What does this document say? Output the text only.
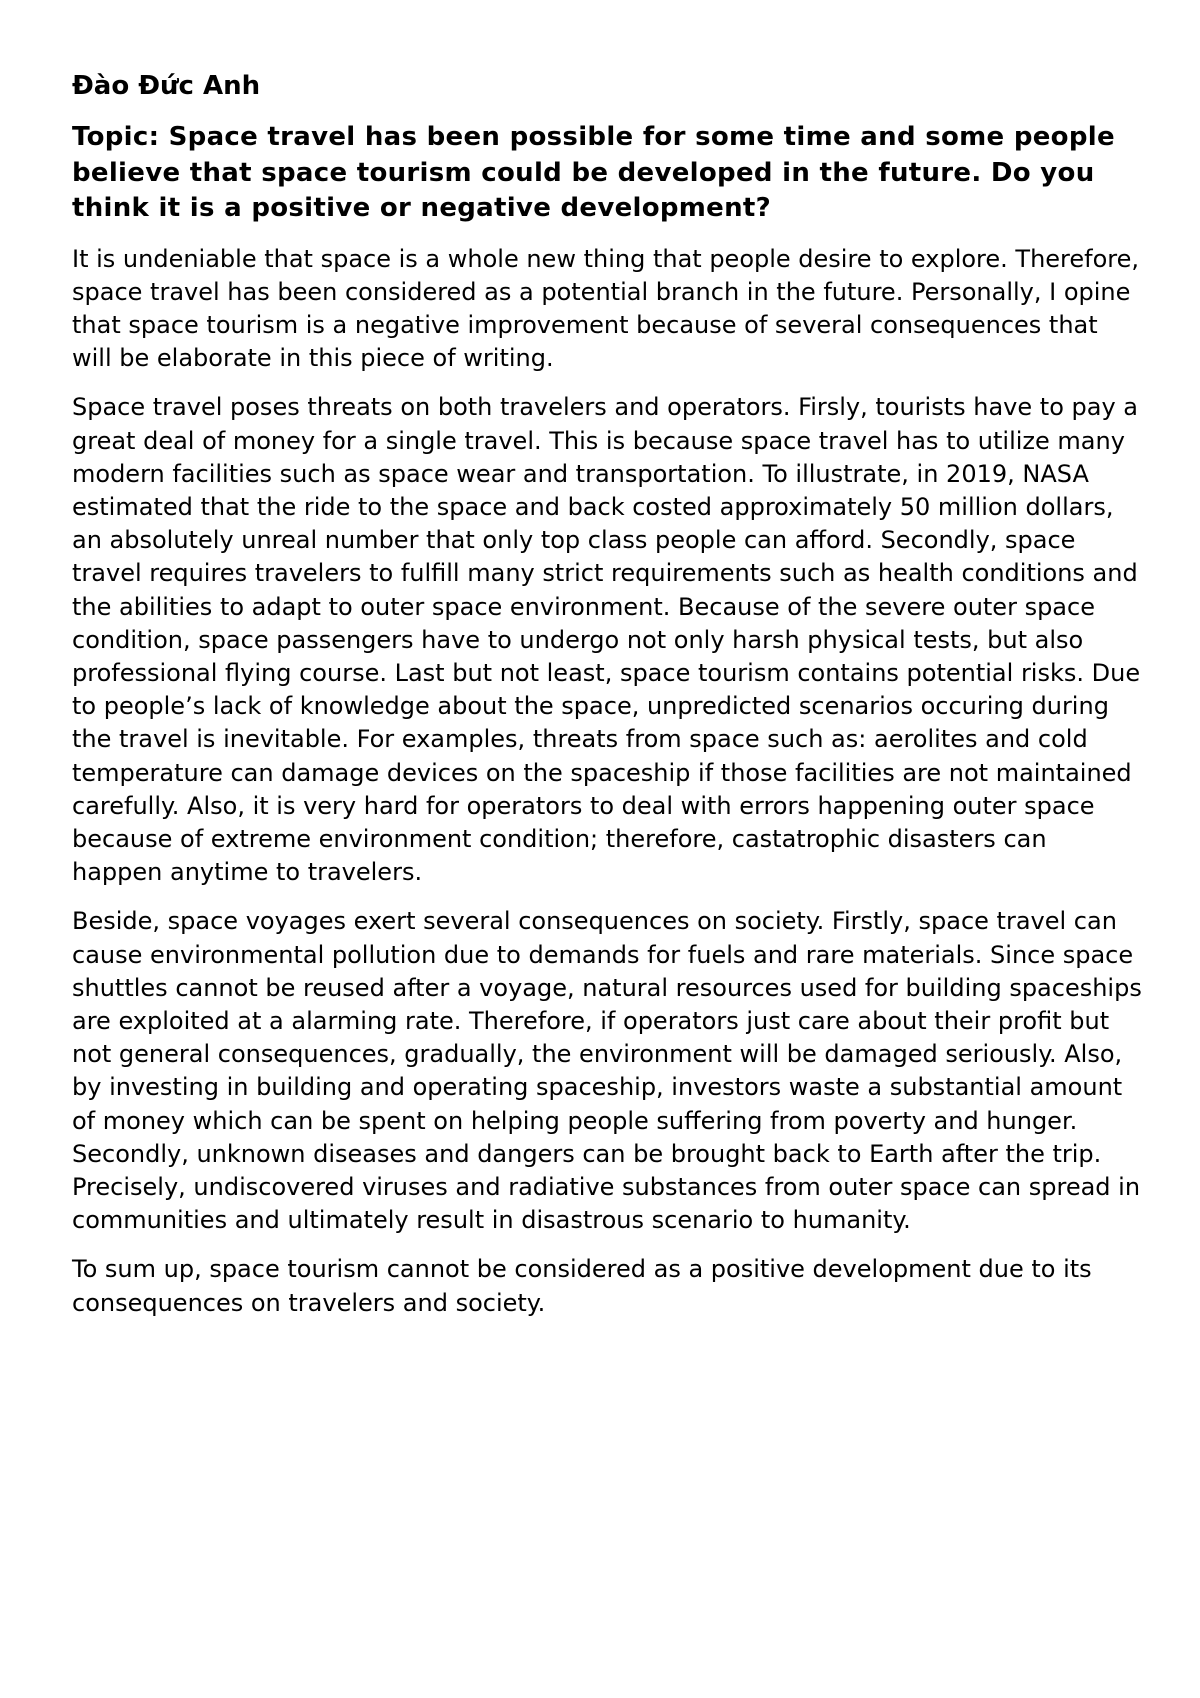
Đào Đức Anh
Topic: Space travel has been possible for some time and some people believe that space tourism could be developed in the future. Do you think it is a positive or negative development?

It is undeniable that space is a whole new thing that people desire to explore. Therefore, space travel has been considered as a potential branch in the future. Personally, I opine that space tourism is a negative improvement because of several consequences that will be elaborate in this piece of writing.

Space travel poses threats on both travelers and operators. Firsly, tourists have to pay a great deal of money for a single travel. This is because space travel has to utilize many modern facilities such as space wear and transportation. To illustrate, in 2019, NASA estimated that the ride to the space and back costed approximately 50 million dollars, an absolutely unreal number that only top class people can afford. Secondly, space travel requires travelers to fulfill many strict requirements such as health conditions and the abilities to adapt to outer space environment. Because of the severe outer space condition, space passengers have to undergo not only harsh physical tests, but also professional flying course. Last but not least, space tourism contains potential risks. Due to people’s lack of knowledge about the space, unpredicted scenarios occuring during the travel is inevitable. For examples, threats from space such as: aerolites and cold temperature can damage devices on the spaceship if those facilities are not maintained carefully. Also, it is very hard for operators to deal with errors happening outer space because of extreme environment condition; therefore, castatrophic disasters can happen anytime to travelers.

Beside, space voyages exert several consequences on society. Firstly, space travel can cause environmental pollution due to demands for fuels and rare materials. Since space shuttles cannot be reused after a voyage, natural resources used for building spaceships are exploited at a alarming rate. Therefore, if operators just care about their profit but not general consequences, gradually, the environment will be damaged seriously. Also, by investing in building and operating spaceship, investors waste a substantial amount of money which can be spent on helping people suffering from poverty and hunger. Secondly, unknown diseases and dangers can be brought back to Earth after the trip. Precisely, undiscovered viruses and radiative substances from outer space can spread in communities and ultimately result in disastrous scenario to humanity.

To sum up, space tourism cannot be considered as a positive development due to its consequences on travelers and society.
